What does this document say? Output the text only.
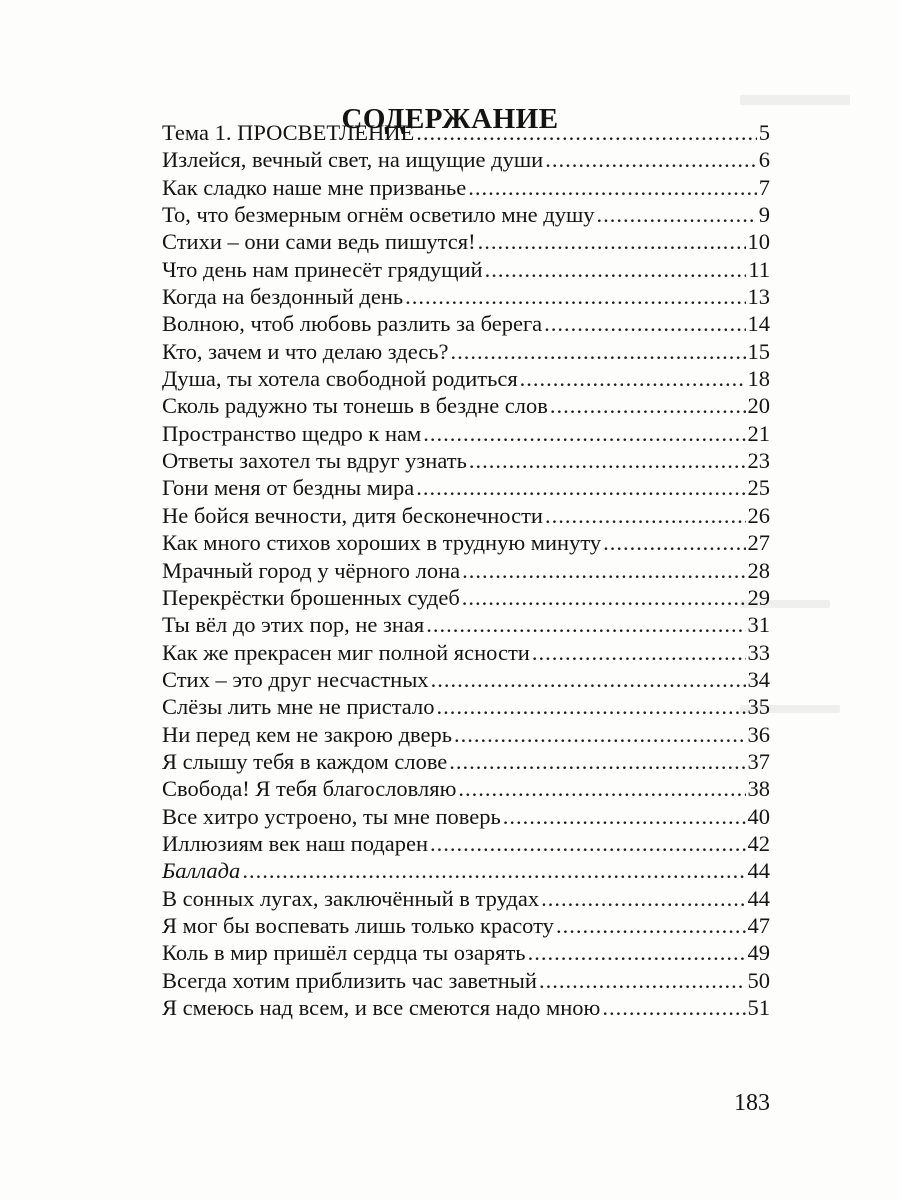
СОДЕРЖАНИЕ
Тема 1. ПРОСВЕТЛЕНИЕ .....	5
Излейся, вечный свет, на ищущие души .....	6
Как сладко наше мне призванье .....	7
То, что безмерным огнём осветило мне душу .....	9
Стихи – они сами ведь пишутся! .....	10
Что день нам принесёт грядущий .....	11
Когда на бездонный день .....	13
Волною, чтоб любовь разлить за берега .....	14
Кто, зачем и что делаю здесь? .....	15
Душа, ты хотела свободной родиться .....	18
Сколь радужно ты тонешь в бездне слов .....	20
Пространство щедро к нам .....	21
Ответы захотел ты вдруг узнать .....	23
Гони меня от бездны мира .....	25
Не бойся вечности, дитя бесконечности .....	26
Как много стихов хороших в трудную минуту .....	27
Мрачный город у чёрного лона .....	28
Перекрёстки брошенных судеб .....	29
Ты вёл до этих пор, не зная .....	31
Как же прекрасен миг полной ясности .....	33
Стих – это друг несчастных .....	34
Слёзы лить мне не пристало .....	35
Ни перед кем не закрою дверь .....	36
Я слышу тебя в каждом слове .....	37
Свобода! Я тебя благословляю .....	38
Все хитро устроено, ты мне поверь .....	40
Иллюзиям век наш подарен .....	42
Баллада .....	44
В сонных лугах, заключённый в трудах .....	44
Я мог бы воспевать лишь только красоту .....	47
Коль в мир пришёл сердца ты озарять .....	49
Всегда хотим приблизить час заветный .....	50
Я смеюсь над всем, и все смеются надо мною .....	51
183
